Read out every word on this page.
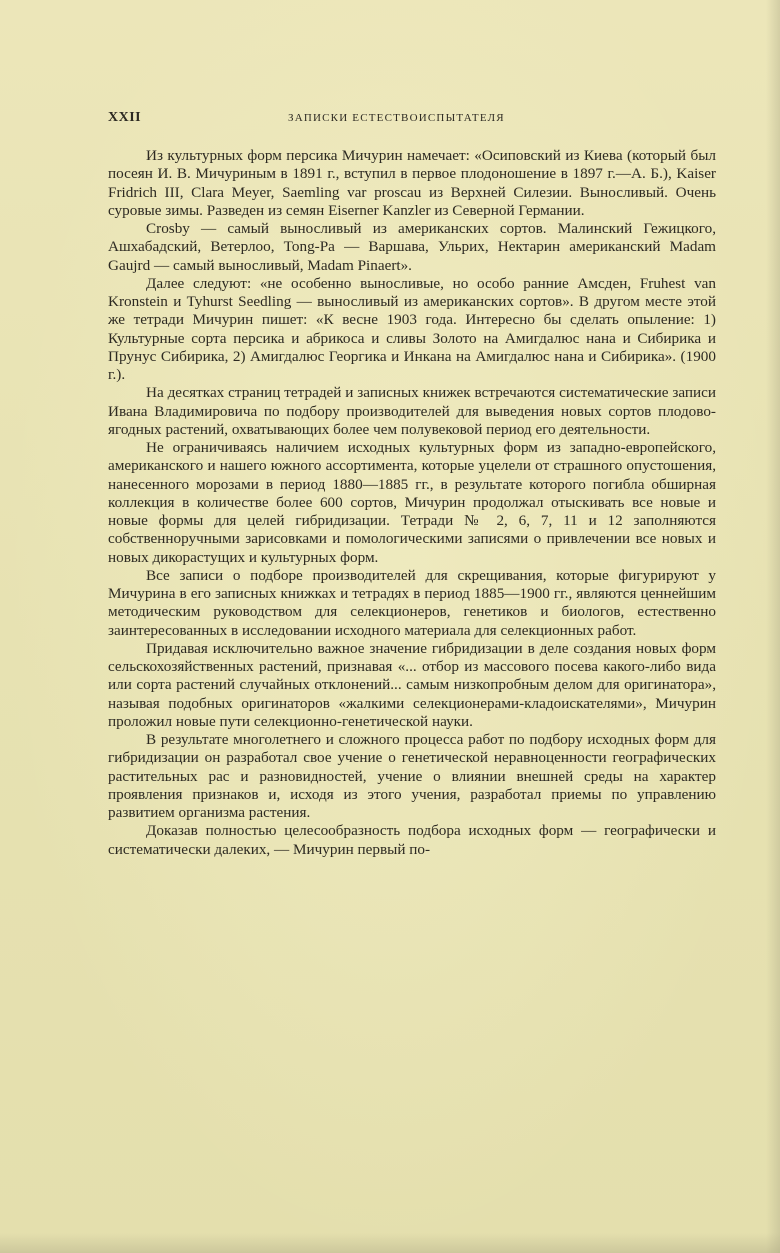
XXII	ЗАПИСКИ ЕСТЕСТВОИСПЫТАТЕЛЯ

Из культурных форм персика Мичурин намечает: «Осиповский из Киева (который был посеян И. В. Мичуриным в 1891 г., вступил в первое плодоношение в 1897 г.—А. Б.), Kaiser Fridrich III, Clara Meyer, Saemling var proscau из Верхней Силезии. Выносливый. Очень суровые зимы. Разведен из семян Eiserner Kanzler из Северной Германии.

Crosby — самый выносливый из американских сортов. Малинский Гежицкого, Ашхабадский, Ветерлоо, Tong-Pa — Варшава, Ульрих, Нектарин американский Madam Gaujrd — самый выносливый, Madam Pinaert».

Далее следуют: «не особенно выносливые, но особо ранние Амсден, Fruhest van Kronstein и Tyhurst Seedling — выносливый из американских сортов». В другом месте этой же тетради Мичурин пишет: «К весне 1903 года. Интересно бы сделать опыление: 1) Культурные сорта персика и абрикоса и сливы Золото на Амигдалюс нана и Сибирика и Прунус Сибирика, 2) Амигдалюс Георгика и Инкана на Амигдалюс нана и Сибирика». (1900 г.).

На десятках страниц тетрадей и записных книжек встречаются систематические записи Ивана Владимировича по подбору производителей для выведения новых сортов плодово-ягодных растений, охватывающих более чем полувековой период его деятельности.

Не ограничиваясь наличием исходных культурных форм из западно-европейского, американского и нашего южного ассортимента, которые уцелели от страшного опустошения, нанесенного морозами в период 1880—1885 гг., в результате которого погибла обширная коллекция в количестве более 600 сортов, Мичурин продолжал отыскивать все новые и новые формы для целей гибридизации. Тетради № 2, 6, 7, 11 и 12 заполняются собственноручными зарисовками и помологическими записями о привлечении все новых и новых дикорастущих и культурных форм.

Все записи о подборе производителей для скрещивания, которые фигурируют у Мичурина в его записных книжках и тетрадях в период 1885—1900 гг., являются ценнейшим методическим руководством для селекционеров, генетиков и биологов, естественно заинтересованных в исследовании исходного материала для селекционных работ.

Придавая исключительно важное значение гибридизации в деле создания новых форм сельскохозяйственных растений, признавая «... отбор из массового посева какого-либо вида или сорта растений случайных отклонений... самым низкопробным делом для оригинатора», называя подобных оригинаторов «жалкими селекционерами-кладоискателями», Мичурин проложил новые пути селекционно-генетической науки.

В результате многолетнего и сложного процесса работ по подбору исходных форм для гибридизации он разработал свое учение о генетической неравноценности географических растительных рас и разновидностей, учение о влиянии внешней среды на характер проявления признаков и, исходя из этого учения, разработал приемы по управлению развитием организма растения.

Доказав полностью целесообразность подбора исходных форм — географически и систематически далеких, — Мичурин первый по-
